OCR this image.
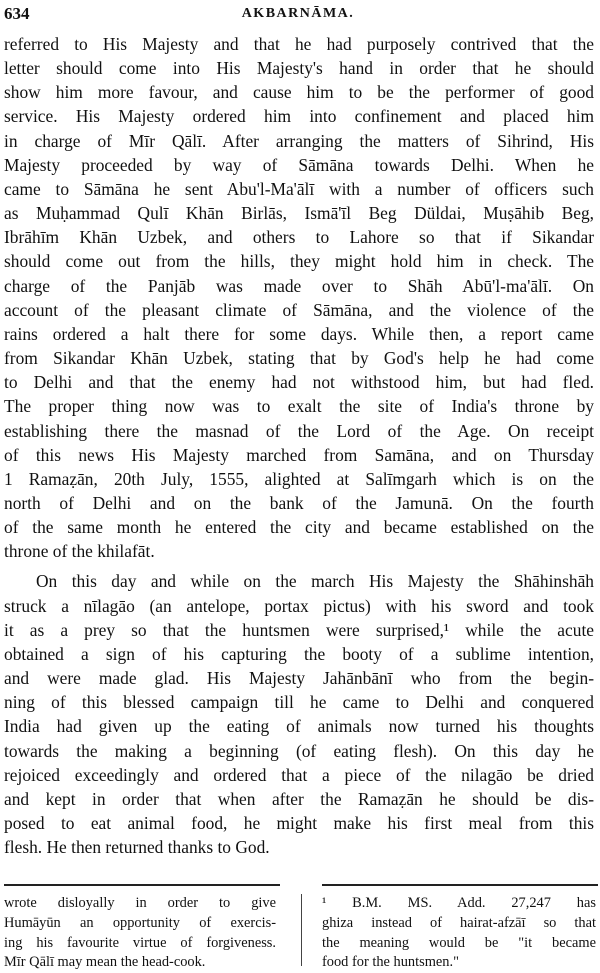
634	AKBARNĀMA.
referred to His Majesty and that he had purposely contrived that the
letter should come into His Majesty's hand in order that he should
show him more favour, and cause him to be the performer of good
service. His Majesty ordered him into confinement and placed him
in charge of Mīr Qālī. After arranging the matters of Sihrind, His
Majesty proceeded by way of Sāmāna towards Delhi. When he
came to Sāmāna he sent Abu'l-Ma'ālī with a number of officers such
as Muḥammad Qulī Khān Birlās, Ismā'īl Beg Düldai, Muṣāhib Beg,
Ibrāhīm Khān Uzbek, and others to Lahore so that if Sikandar
should come out from the hills, they might hold him in check. The
charge of the Panjāb was made over to Shāh Abū'l-ma'ālī. On
account of the pleasant climate of Sāmāna, and the violence of the
rains ordered a halt there for some days. While then, a report came
from Sikandar Khān Uzbek, stating that by God's help he had come
to Delhi and that the enemy had not withstood him, but had fled.
The proper thing now was to exalt the site of India's throne by
establishing there the masnad of the Lord of the Age. On receipt
of this news His Majesty marched from Samāna, and on Thursday
1 Ramaẓān, 20th July, 1555, alighted at Salīmgarh which is on the
north of Delhi and on the bank of the Jamunā. On the fourth
of the same month he entered the city and became established on the
throne of the khilafāt.
On this day and while on the march His Majesty the Shāhinshāh
struck a nīlagāo (an antelope, portax pictus) with his sword and took
it as a prey so that the huntsmen were surprised,¹ while the acute
obtained a sign of his capturing the booty of a sublime intention,
and were made glad. His Majesty Jahānbānī who from the begin-
ning of this blessed campaign till he came to Delhi and conquered
India had given up the eating of animals now turned his thoughts
towards the making a beginning (of eating flesh). On this day he
rejoiced exceedingly and ordered that a piece of the nilagāo be dried
and kept in order that when after the Ramaẓān he should be dis-
posed to eat animal food, he might make his first meal from this
flesh. He then returned thanks to God.
wrote disloyally in order to give
Humāyūn an opportunity of exercis-
ing his favourite virtue of forgiveness.
Mīr Qālī may mean the head-cook.
¹ B.M. MS. Add. 27,247 has
ghiza instead of hairat-afzāī so that
the meaning would be "it became
food for the huntsmen."
